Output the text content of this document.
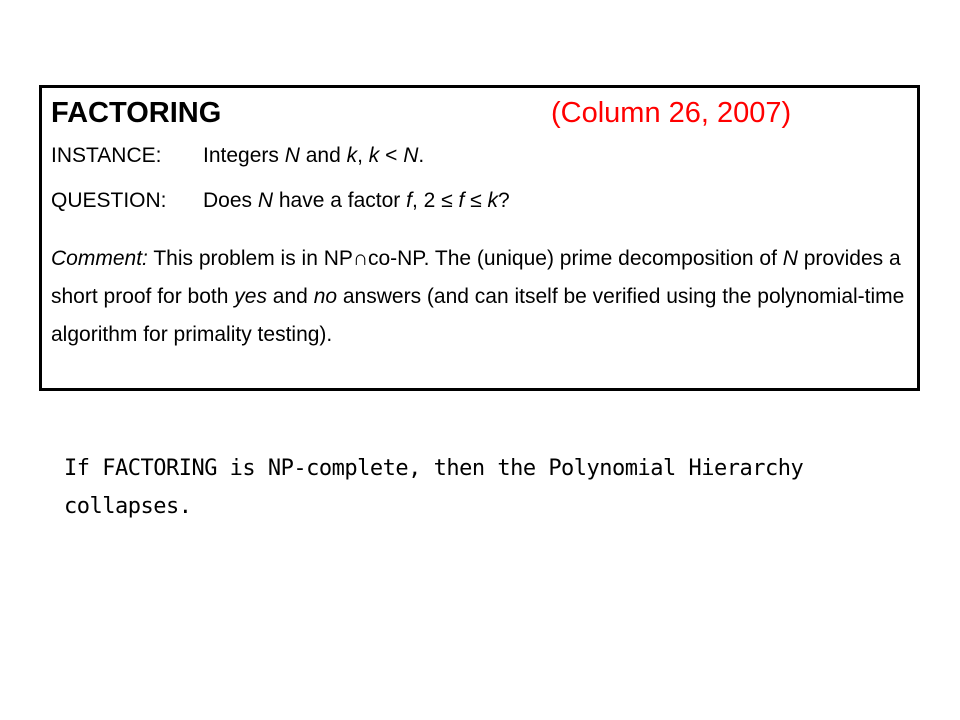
FACTORING	(Column 26, 2007)
INSTANCE: Integers N and k, k < N.
QUESTION: Does N have a factor f, 2 ≤ f ≤ k?
Comment: This problem is in NP∩co-NP. The (unique) prime decomposition of N provides a short proof for both yes and no answers (and can itself be verified using the polynomial-time algorithm for primality testing).
If FACTORING is NP-complete, then the Polynomial Hierarchy collapses.
